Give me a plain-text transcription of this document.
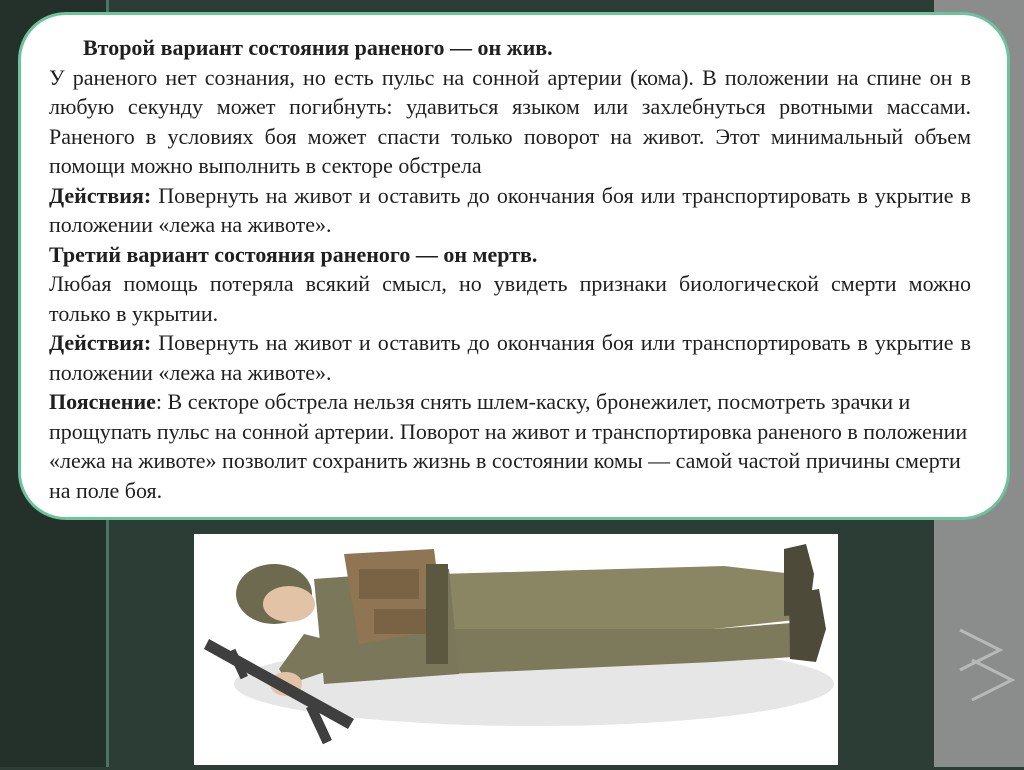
Второй вариант состояния раненого — он жив.

У раненого нет сознания, но есть пульс на сонной артерии (кома). В положении на спине он в любую секунду может погибнуть: удавиться языком или захлебнуться рвотными массами. Раненого в условиях боя может спасти только поворот на живот. Этот минимальный объем помощи можно выполнить в секторе обстрела

Действия: Повернуть на живот и оставить до окончания боя или транспортировать в укрытие в положении «лежа на животе».

Третий вариант состояния раненого — он мертв.

Любая помощь потеряла всякий смысл, но увидеть признаки биологической смерти можно только в укрытии.

Действия: Повернуть на живот и оставить до окончания боя или транспортировать в укрытие в положении «лежа на животе».

Пояснение: В секторе обстрела нельзя снять шлем-каску, бронежилет, посмотреть зрачки и прощупать пульс на сонной артерии. Поворот на живот и транспортировка раненого в положении «лежа на животе» позволит сохранить жизнь в состоянии комы — самой частой причины смерти на поле боя.
